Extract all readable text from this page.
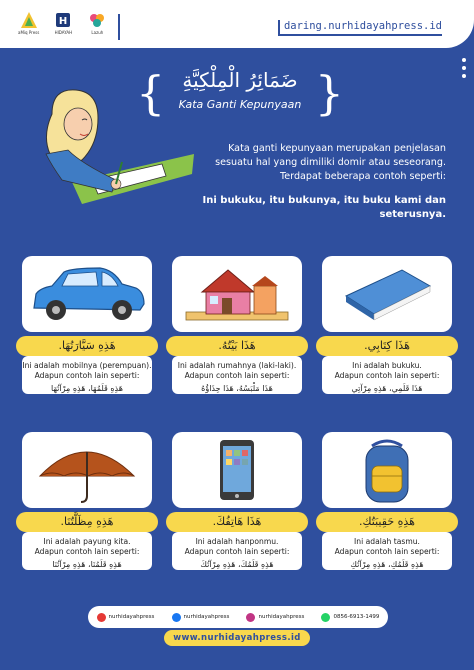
aMiq Press
H
HIDAYAH	Lazuh
daring.nurhidayahpress.id
{	}
ضَمَائِرُ الْمِلْكِيَّةِ
Kata Ganti Kepunyaan

Kata ganti kepunyaan merupakan penjelasan sesuatu hal yang dimiliki domir atau seseorang. Terdapat beberapa contoh seperti:

Ini bukuku, itu bukunya, itu buku kami dan seterusnya.

هَذِهِ سَيَّارَتُهَا.
Ini adalah mobilnya (perempuan).
Adapun contoh lain seperti:
هَذِهِ قَلَمُهَا، هَذِهِ مِرْآتُهَا
هَذَا بَيْتُهُ.
Ini adalah rumahnya (laki-laki).
Adapun contoh lain seperti:
هَذَا مَلْبَسُهُ، هَذَا حِذَاؤُهُ
هَذَا كِتَابِي.
Ini adalah bukuku.
Adapun contoh lain seperti:
هَذَا قَلَمِي، هَذِهِ مِرْآتِي
هَذِهِ مِظَلَّتُنَا.
Ini adalah payung kita.
Adapun contoh lain seperti:
هَذِهِ قَلَمُنَا، هَذِهِ مِرْآتُنَا
هَذَا هَاتِفُكَ.
Ini adalah hanponmu.
Adapun contoh lain seperti:
هَذِهِ قَلَمُكَ، هَذِهِ مِرْآتُكَ
هَذِهِ حَقِيبَتُكِ.
Ini adalah tasmu.
Adapun contoh lain seperti:
هَذِهِ قَلَمُكِ، هَذِهِ مِرْآتُكِ
nurhidayahpress	nurhidayahpress	nurhidayahpress	0856-6913-1499
www.nurhidayahpress.id
